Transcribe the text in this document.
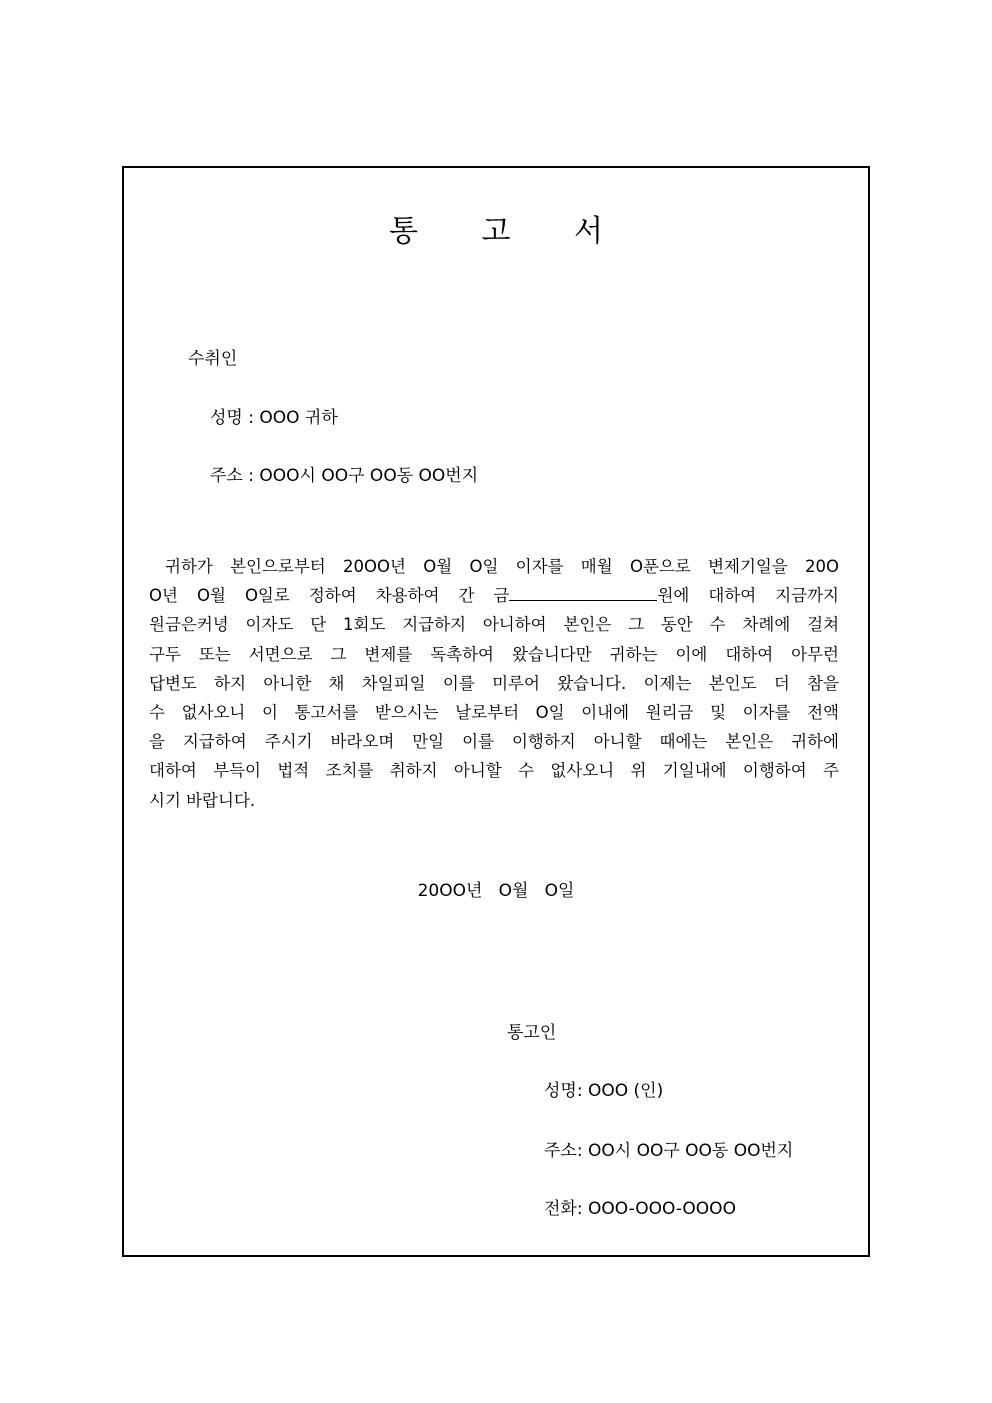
통 고 서
수취인
성명 : OOO 귀하
주소 : OOO시 OO구 OO동 OO번지
귀하가 본인으로부터 20OO년 O월 O일 이자를 매월 O푼으로 변제기일을 20O
O년 O월 O일로 정하여 차용하여 간 금	원에 대하여 지금까지
원금은커녕 이자도 단 1회도 지급하지 아니하여 본인은 그 동안 수 차례에 걸쳐
구두 또는 서면으로 그 변제를 독촉하여 왔습니다만 귀하는 이에 대하여 아무런
답변도 하지 아니한 채 차일피일 이를 미루어 왔습니다. 이제는 본인도 더 참을
수 없사오니 이 통고서를 받으시는 날로부터 O일 이내에 원리금 및 이자를 전액
을 지급하여 주시기 바라오며 만일 이를 이행하지 아니할 때에는 본인은 귀하에
대하여 부득이 법적 조치를 취하지 아니할 수 없사오니 위 기일내에 이행하여 주
시기 바랍니다.
20OO년   O월   O일
통고인
성명: OOO (인)
주소: OO시 OO구 OO동 OO번지
전화: OOO-OOO-OOOO
